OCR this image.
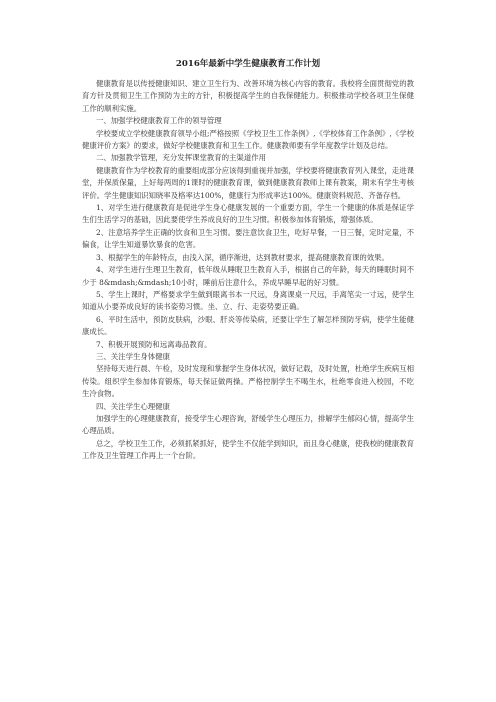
2016年最新中学生健康教育工作计划

健康教育是以传授健康知识、建立卫生行为、改善环境为核心内容的教育。我校将全面贯彻党的教育方针及贯彻卫生工作预防为主的方针，积极提高学生的自我保健能力。积极推动学校各项卫生保健工作的顺利实施。

一、加强学校健康教育工作的领导管理

学校要成立学校健康教育领导小组;严格按照《学校卫生工作条例》,《学校体育工作条例》,《学校健康评价方案》的要求，做好学校健康教育和卫生工作。健康教师要有学年度教学计划及总结。

二、加强教学管理，充分发挥课堂教育的主渠道作用

健康教育作为学校教育的重要组成部分应该得到重视并加强，学校要将健康教育列入课堂，走进课堂，并保质保量，上好每两周的1课时的健康教育课，做到健康教育教师上课有教案，期末有学生考核评价。学生健康知识知晓率及格率达100%，健康行为形成率达100%。健康资料规范、齐备存档。

1、对学生进行健康教育是促进学生身心健康发展的一个重要方面，学生一个健康的体质是保证学生们生活学习的基础，因此要使学生养成良好的卫生习惯。积极参加体育锻炼，增强体质。

2、注意培养学生正确的饮食和卫生习惯。要注意饮食卫生，吃好早餐，一日三餐，定时定量，不偏食，让学生知道暴饮暴食的危害。

3、根据学生的年龄特点，由浅入深，循序渐进，达到教材要求，提高健康教育课的效果。

4、对学生进行生理卫生教育，低年级从睡眠卫生教育入手，根据自己的年龄，每天的睡眠时间不少于 8&mdash;&mdash;10小时，睡前后注意什么，养成早睡早起的好习惯。

5、学生上课时，严格要求学生做到眼离书本一尺远，身离课桌一尺远，手离笔尖一寸远，使学生知道从小要养成良好的读书姿势习惯。坐、立、行、走姿势要正确。

6、平时生活中，预防皮肤病，沙眼、肝炎等传染病，还要让学生了解怎样预防牙病，使学生能健康成长。

7、积极开展预防和远离毒品教育。

三、关注学生身体健康

坚持每天进行晨、午检，及时发现和掌握学生身体状况，做好记载，及时处置，杜绝学生疾病互相传染。组织学生参加体育锻炼，每天保证做两操。严格控制学生不喝生水，杜绝零食进入校园，不吃生冷食物。

四、关注学生心理健康

加强学生的心理健康教育，接受学生心理咨询，舒缓学生心理压力，排解学生郁闷心情，提高学生心理品质。

总之，学校卫生工作，必须抓紧抓好，使学生不仅能学到知识，而且身心健康，使我校的健康教育工作及卫生管理工作再上一个台阶。
